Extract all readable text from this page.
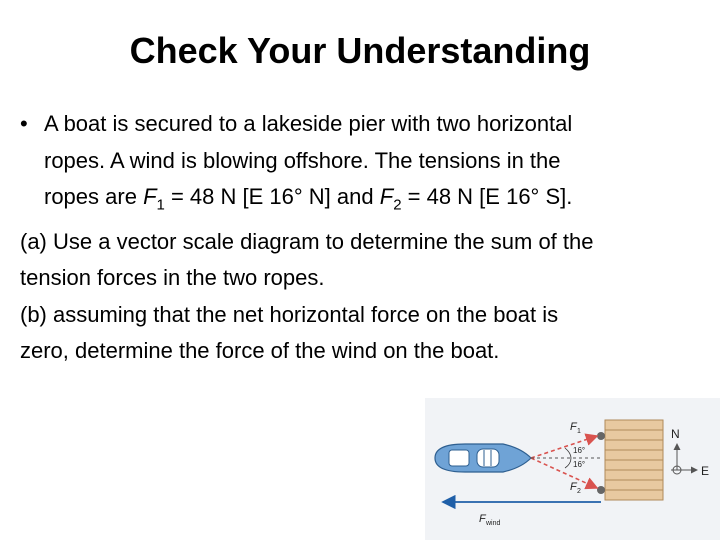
Check Your Understanding
• A boat is secured to a lakeside pier with two horizontal
ropes. A wind is blowing offshore. The tensions in the
ropes are $F_1 = 48$ N [E 16° N] and $F_2 = 48$ N [E 16° S].
(a) Use a vector scale diagram to determine the sum of the
tension forces in the two ropes.
(b) assuming that the net horizontal force on the boat is
zero, determine the force of the wind on the boat.
F 1
F 2
16°
16°
N
E
F wind
